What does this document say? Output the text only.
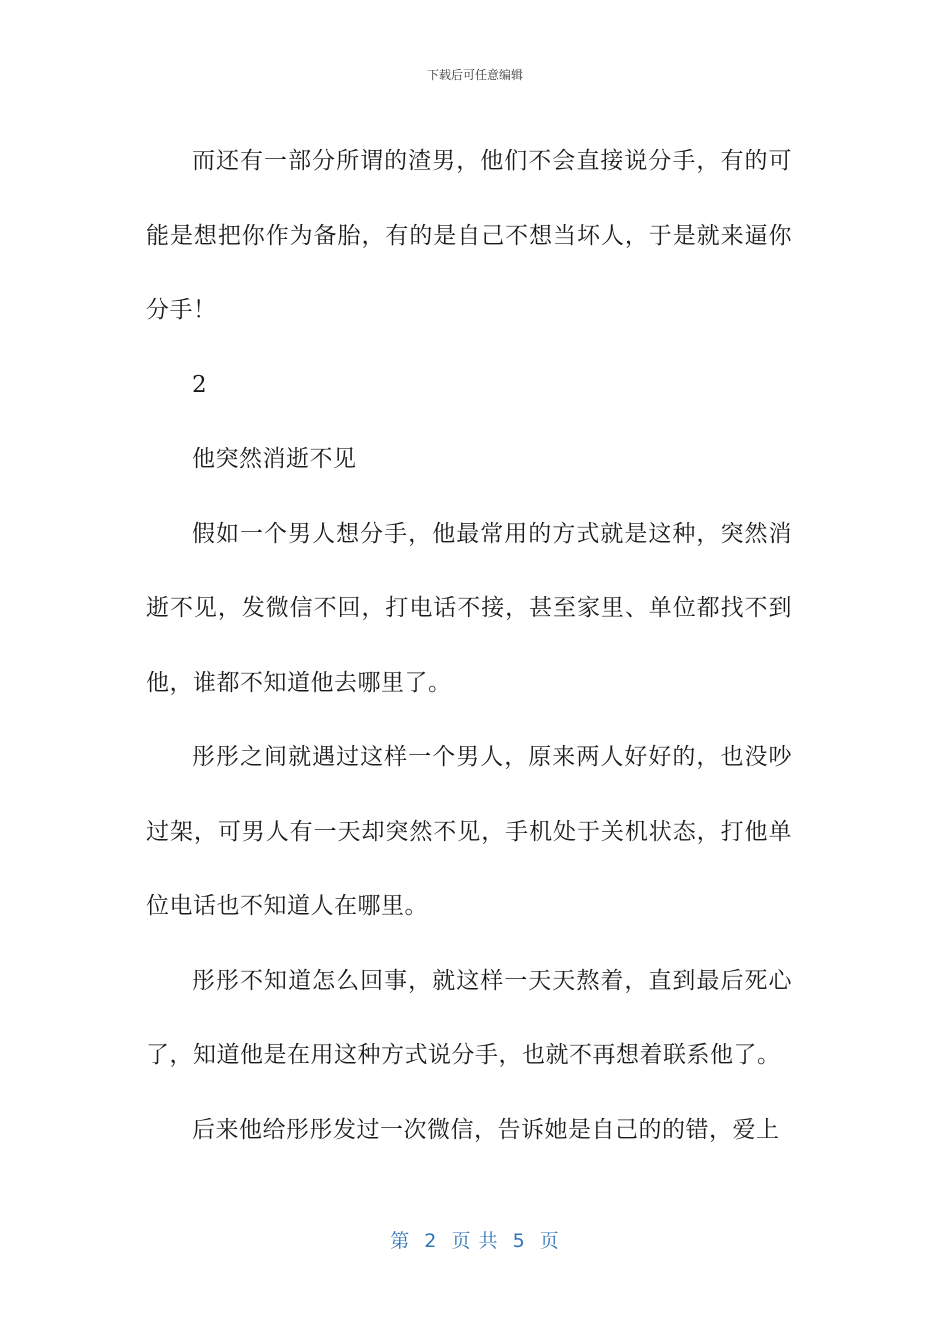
下载后可任意编辑

而还有一部分所谓的渣男，他们不会直接说分手，有的可能是想把你作为备胎，有的是自己不想当坏人，于是就来逼你分手！

2

他突然消逝不见

假如一个男人想分手，他最常用的方式就是这种，突然消逝不见，发微信不回，打电话不接，甚至家里、单位都找不到他，谁都不知道他去哪里了。

彤彤之间就遇过这样一个男人，原来两人好好的，也没吵过架，可男人有一天却突然不见，手机处于关机状态，打他单位电话也不知道人在哪里。

彤彤不知道怎么回事，就这样一天天熬着，直到最后死心了，知道他是在用这种方式说分手，也就不再想着联系他了。

后来他给彤彤发过一次微信，告诉她是自己的的错，爱上

第  2  页 共  5  页
